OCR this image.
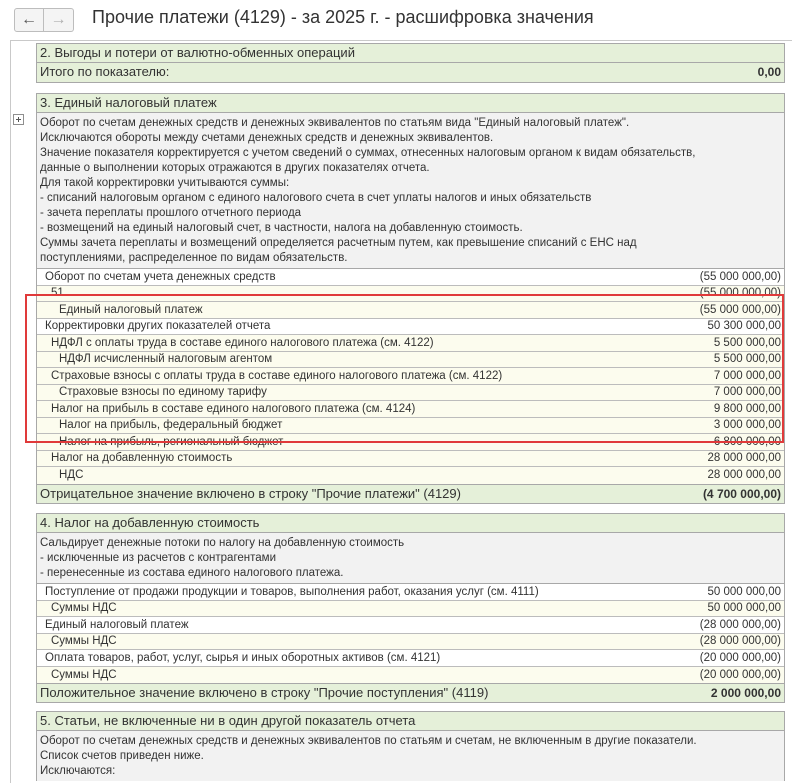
← → Прочие платежи (4129) - за 2025 г. - расшифровка значения
2. Выгоды и потери от валютно-обменных операций
Итого по показателю:	0,00
3. Единый налоговый платеж
Оборот по счетам денежных средств и денежных эквивалентов по статьям вида "Единый налоговый платеж".
Исключаются обороты между счетами денежных средств и денежных эквивалентов.
Значение показателя корректируется с учетом сведений о суммах, отнесенных налоговым органом к видам обязательств,
данные о выполнении которых отражаются в других показателях отчета.
Для такой корректировки учитываются суммы:
- списаний налоговым органом с единого налогового счета в счет уплаты налогов и иных обязательств
- зачета переплаты прошлого отчетного периода
- возмещений на единый налоговый счет, в частности, налога на добавленную стоимость.
Суммы зачета переплаты и возмещений определяется расчетным путем, как превышение списаний с ЕНС над
поступлениями, распределенное по видам обязательств.
Оборот по счетам учета денежных средств	(55 000 000,00)
51	(55 000 000,00)
Единый налоговый платеж	(55 000 000,00)
Корректировки других показателей отчета	50 300 000,00
НДФЛ с оплаты труда в составе единого налогового платежа (см. 4122)	5 500 000,00
НДФЛ исчисленный налоговым агентом	5 500 000,00
Страховые взносы с оплаты труда в составе единого налогового платежа (см. 4122)	7 000 000,00
Страховые взносы по единому тарифу	7 000 000,00
Налог на прибыль в составе единого налогового платежа (см. 4124)	9 800 000,00
Налог на прибыль, федеральный бюджет	3 000 000,00
Налог на прибыль, региональный бюджет	6 800 000,00
Налог на добавленную стоимость	28 000 000,00
НДС	28 000 000,00
Отрицательное значение включено в строку "Прочие платежи" (4129)	(4 700 000,00)
4. Налог на добавленную стоимость
Сальдирует денежные потоки по налогу на добавленную стоимость
- исключенные из расчетов с контрагентами
- перенесенные из состава единого налогового платежа.
Поступление от продажи продукции и товаров, выполнения работ, оказания услуг (см. 4111)	50 000 000,00
Суммы НДС	50 000 000,00
Единый налоговый платеж	(28 000 000,00)
Суммы НДС	(28 000 000,00)
Оплата товаров, работ, услуг, сырья и иных оборотных активов (см. 4121)	(20 000 000,00)
Суммы НДС	(20 000 000,00)
Положительное значение включено в строку "Прочие поступления" (4119)	2 000 000,00
5. Статьи, не включенные ни в один другой показатель отчета
Оборот по счетам денежных средств и денежных эквивалентов по статьям и счетам, не включенным в другие показатели.
Список счетов приведен ниже.
Исключаются:
